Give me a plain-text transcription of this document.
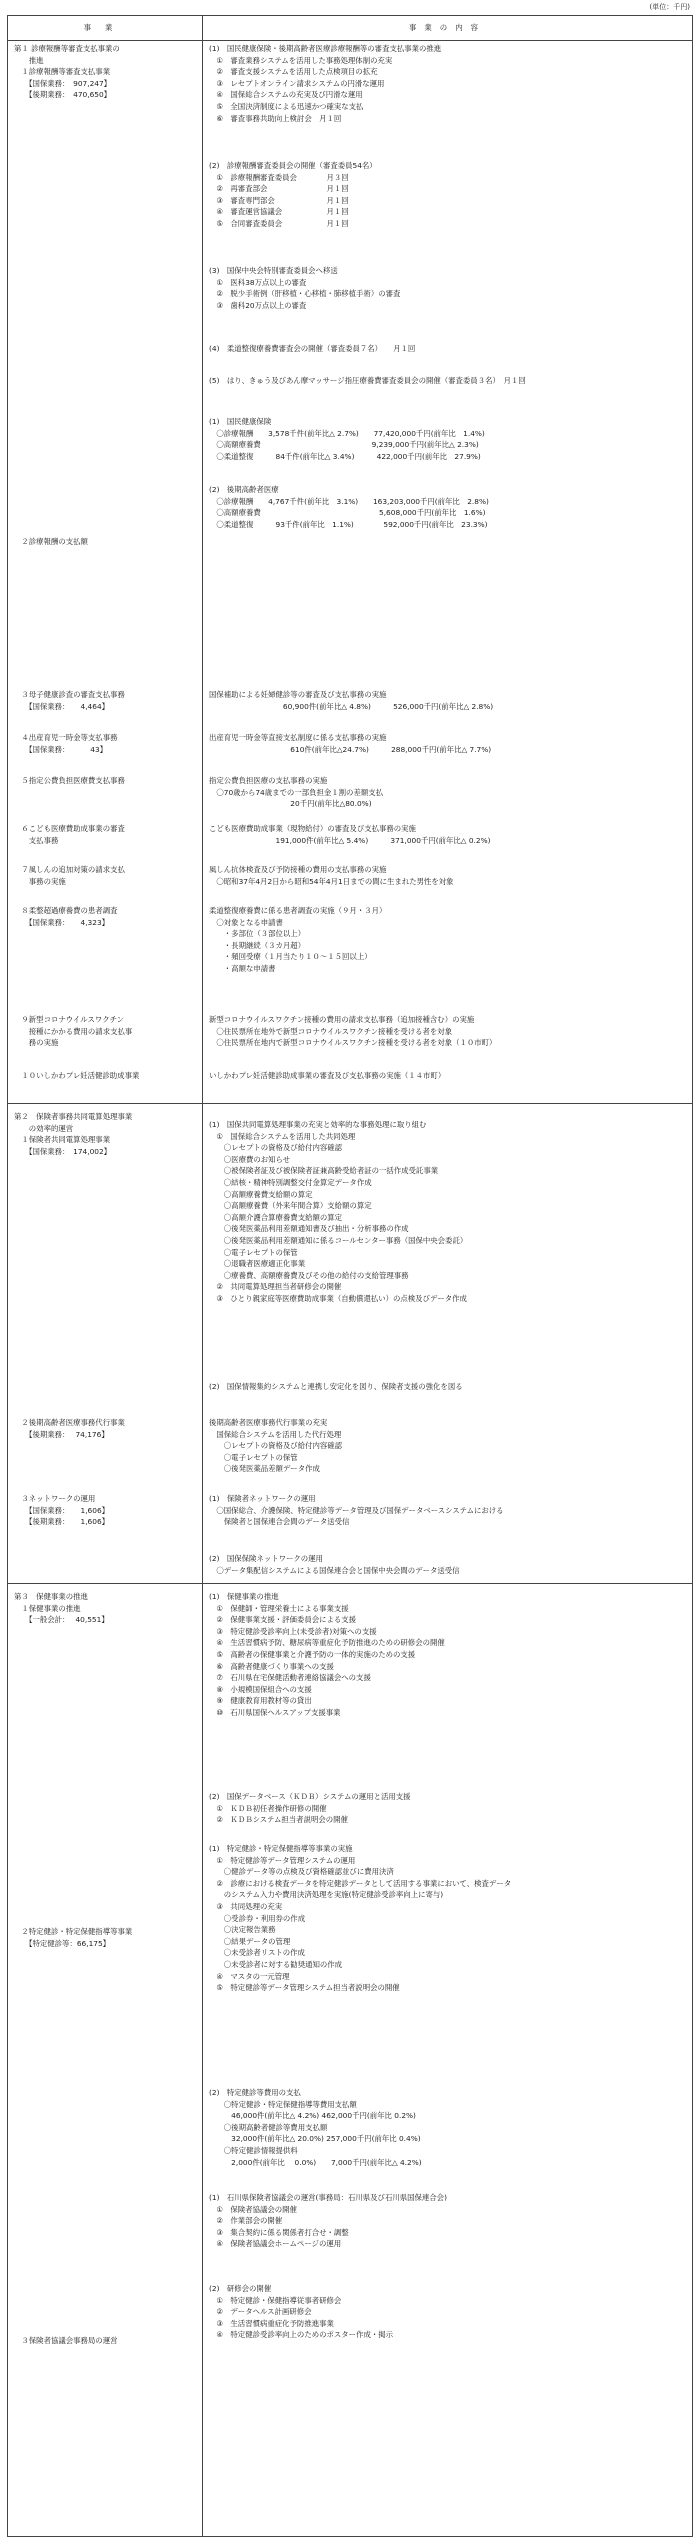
(単位：千円)
事業	事業の内容
第１ 診療報酬等審査支払事業の
　　推進
　１診療報酬等審査支払事業
　　【国保業務：　907,247】
　　【後期業務：　470,650】
　２診療報酬の支払額
　３母子健康診査の審査支払事務
　　【国保業務：　　4,464】
　４出産育児一時金等支払事務
　　【国保業務：　　　 43】
　５指定公費負担医療費支払事務
　６こども医療費助成事業の審査
　　支払事務
　７風しんの追加対策の請求支払
　　事務の実施
　８柔整超過療養費の患者調査
　　【国保業務：　　4,323】
　９新型コロナウイルスワクチン
　　接種にかかる費用の請求支払事
　　務の実施
　１０いしかわプレ妊活健診助成事業
(1)　国民健康保険・後期高齢者医療診療報酬等の審査支払事業の推進
　①　審査業務システムを活用した事務処理体制の充実
　②　審査支援システムを活用した点検項目の拡充
　③　レセプトオンライン請求システムの円滑な運用
　④　国保総合システムの充実及び円滑な運用
　⑤　全国決済制度による迅速かつ確実な支払
　⑥　審査事務共助向上検討会　月１回
(2)　診療報酬審査委員会の開催（審査委員54名）
　①　診療報酬審査委員会　　　　月３回
　②　再審査部会　　　　　　　　月１回
　③　審査専門部会　　　　　　　月１回
　④　審査運営協議会　　　　　　月１回
　⑤　合同審査委員会　　　　　　月１回
(3)　国保中央会特別審査委員会へ移送
　①　医科38万点以上の審査
　②　脱少手術例（肝移植・心移植・肺移植手術）の審査
　③　歯科20万点以上の審査
(4)　柔道整復療養費審査会の開催（審査委員７名）　　月１回
(5)　はり、きゅう及びあん摩マッサージ指圧療養費審査委員会の開催（審査委員３名）　月１回
(1)　国民健康保険
　〇診療報酬　　3,578千件(前年比△ 2.7%)　　77,420,000千円(前年比　1.4%)
　〇高額療養費　　　　　　　　　　　　　　　9,239,000千円(前年比△ 2.3%)
　〇柔道整復　　　84千件(前年比△ 3.4%)　　　422,000千円(前年比　27.9%)
(2)　後期高齢者医療
　〇診療報酬　　4,767千件(前年比　3.1%)　　163,203,000千円(前年比　2.8%)
　〇高額療養費　　　　　　　　　　　　　　　　5,608,000千円(前年比　1.6%)
　〇柔道整復　　　93千件(前年比　1.1%)　　　　592,000千円(前年比　23.3%)
国保補助による妊婦健診等の審査及び支払事務の実施
　　　　　　　　　　60,900件(前年比△ 4.8%)　　　526,000千円(前年比△ 2.8%)
出産育児一時金等直接支払制度に係る支払事務の実施
　　　　　　　　　　　610件(前年比△24.7%)　　　288,000千円(前年比△ 7.7%)
指定公費負担医療の支払事務の実施
　〇70歳から74歳までの一部負担金１割の差額支払
　　　　　　　　　　　20千円(前年比△80.0%)
こども医療費助成事業（現物給付）の審査及び支払事務の実施
　　　　　　　　　191,000件(前年比△ 5.4%)　　　371,000千円(前年比△ 0.2%)
風しん抗体検査及び予防接種の費用の支払事務の実施
　〇昭和37年4月2日から昭和54年4月1日までの間に生まれた男性を対象
柔道整復療養費に係る患者調査の実施（９月・３月）
　〇対象となる申請書
　　・多部位（３部位以上）
　　・長期継続（３カ月超）
　　・頻回受療（１月当たり１０～１５回以上）
　　・高額な申請書
新型コロナウイルスワクチン接種の費用の請求支払事務（追加接種含む）の実施
　〇住民票所在地外で新型コロナウイルスワクチン接種を受ける者を対象
　〇住民票所在地内で新型コロナウイルスワクチン接種を受ける者を対象（１０市町）
いしかわプレ妊活健診助成事業の審査及び支払事務の実施（１４市町）
第２　保険者事務共同電算処理事業
　　の効率的運営
　１保険者共同電算処理事業
　　【国保業務：　174,002】
　２後期高齢者医療事務代行事業
　　【後期業務：　 74,176】
　３ネットワークの運用
　　【国保業務：　　1,606】
　　【後期業務：　　1,606】
(1)　国保共同電算処理事業の充実と効率的な事務処理に取り組む
　①　国保総合システムを活用した共同処理
　　〇レセプトの資格及び給付内容確認
　　〇医療費のお知らせ
　　〇被保険者証及び被保険者証兼高齢受給者証の一括作成受託事業
　　〇結核・精神特別調整交付金算定データ作成
　　〇高額療養費支給額の算定
　　〇高額療養費（外来年間合算）支給額の算定
　　〇高額介護合算療養費支給額の算定
　　〇後発医薬品利用差額通知書及び抽出・分析事務の作成
　　〇後発医薬品利用差額通知に係るコールセンター事務（国保中央会委託）
　　〇電子レセプトの保管
　　〇退職者医療適正化事業
　　〇療養費、高額療養費及びその他の給付の支給管理事務
　②　共同電算処理担当者研修会の開催
　③　ひとり親家庭等医療費助成事業（自動償還払い）の点検及びデータ作成
(2)　国保情報集約システムと連携し安定化を図り、保険者支援の強化を図る
後期高齢者医療事務代行事業の充実
　国保総合システムを活用した代行処理
　　〇レセプトの資格及び給付内容確認
　　〇電子レセプトの保管
　　〇後発医薬品差額データ作成
(1)　保険者ネットワークの運用
　〇国保総合、介護保険、特定健診等データ管理及び国保データベースシステムにおける
　　保険者と国保連合会間のデータ送受信
(2)　国保保険ネットワークの運用
　〇データ集配信システムによる国保連合会と国保中央会間のデータ送受信
第３　保健事業の推進
　１保健事業の推進
　　【一般会計：　 40,551】
　２特定健診・特定保健指導等事業
　　【特定健診等：66,175】
　３保険者協議会事務局の運営
(1)　保健事業の推進
　①　保健師・管理栄養士による事業支援
　②　保健事業支援・評価委員会による支援
　③　特定健診受診率向上(未受診者)対策への支援
　④　生活習慣病予防、糖尿病等重症化予防推進のための研修会の開催
　⑤　高齢者の保健事業と介護予防の一体的実施のための支援
　⑥　高齢者健康づくり事業への支援
　⑦　石川県在宅保健活動者連絡協議会への支援
　⑧　小規模国保組合への支援
　⑨　健康教育用教材等の貸出
　⑩　石川県国保ヘルスアップ支援事業
(2)　国保データベース（ＫＤＢ）システムの運用と活用支援
　①　ＫＤＢ初任者操作研修の開催
　②　ＫＤＢシステム担当者説明会の開催
(1)　特定健診・特定保健指導等事業の実施
　①　特定健診等データ管理システムの運用
　　〇健診データ等の点検及び資格確認並びに費用決済
　②　診療における検査データを特定健診データとして活用する事業において、検査データ
　　のシステム入力や費用決済処理を実施(特定健診受診率向上に寄与)
　③　共同処理の充実
　　〇受診券・利用券の作成
　　〇決定報告業務
　　〇結果データの管理
　　〇未受診者リストの作成
　　〇未受診者に対する勧奨通知の作成
　④　マスタの一元管理
　⑤　特定健診等データ管理システム担当者説明会の開催
(2)　特定健診等費用の支払
　　〇特定健診・特定保健指導等費用支払額
　　　46,000件(前年比△ 4.2%) 462,000千円(前年比 0.2%)
　　〇後期高齢者健診等費用支払額
　　　32,000件(前年比△ 20.0%) 257,000千円(前年比 0.4%)
　　〇特定健診情報提供料
　　　2,000件(前年比　 0.0%)　　7,000千円(前年比△ 4.2%)
(1)　石川県保険者協議会の運営(事務局：石川県及び石川県国保連合会)
　①　保険者協議会の開催
　②　作業部会の開催
　③　集合契約に係る関係者打合せ・調整
　④　保険者協議会ホームページの運用
(2)　研修会の開催
　①　特定健診・保健指導従事者研修会
　②　データヘルス計画研修会
　③　生活習慣病重症化予防推進事業
　④　特定健診受診率向上のためのポスター作成・掲示
